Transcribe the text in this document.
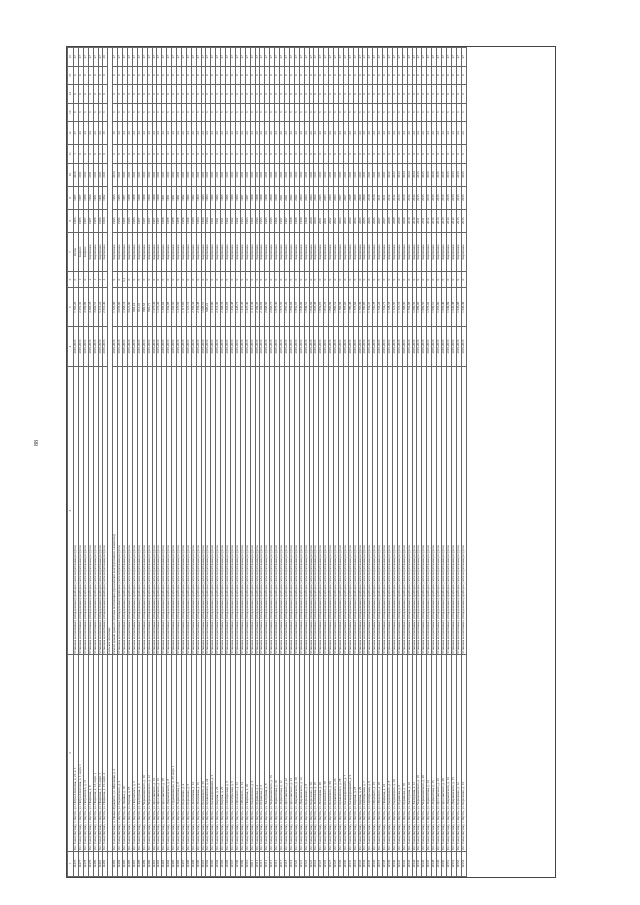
88
1	2	3	4	5	6	7	8	9	10	11	12	13	14	15	16
14476	Рес. Саха (Якутия), г. Якутск, ул. Петра Алексеева, д. 21, к. 1	Установка коллективных (общедомовых) приборов учета потребления ресурсов	2016-2016	1 705,26	0	Бетон	1985	1987	2016	1	27	0	0	0	27
14477	Рес. Саха (Якутия), г. Якутск, ул. Петра Алексеева, д. 1, корп. 1	Установка коллективных (общедомовых) приборов учета потребления ресурсов	2016-2016	2 251,10	1	Кирпич	1986	1987	2011	0	24	3	0	0	27
14478	Рес. Саха (Якутия), г. Якутск, ул. Петровского, д. 11	Установка коллективных (общедомовых) приборов учета потребления ресурсов	2016-2016	4 569,89	0	Кирпич	1987	1989	2011	0	24	3	0	0	27
14479	Рес. Саха (Якутия), г. Якутск, ул. Пояркова, д. 8	Установка коллективных (общедомовых) приборов учета потребления ресурсов	2016-2016	4 306,18	2	Кирпичное	1987	1990	2011	0	24	3	0	0	27
14480	Рес. Саха (Якутия), г. Якутск, ул. Пояркова, д. 13, корп. 1	Установка коллективных (общедомовых) приборов учета потребления ресурсов	2016-2016	3 904,51	1	Кирпичное	1988	1991	2011	0	24	3	0	0	27
14481	Рес. Саха (Якутия), г. Якутск, ул. Пояркова, д. 16, корп. 1	Установка коллективных (общедомовых) приборов учета потребления ресурсов	2016-2016	5 213,22	2	Кирпичное	1990	1991	2011	0	24	3	0	0	27
14482	Рес. Саха (Якутия), г. Якутск, ул. Пояркова, д. 16, корп. 4	Установка коллективных (общедомовых) приборов учета потребления ресурсов	2016-2016	2 561,40	2	Кирпичное	1990	1992	2011	0	16	3	0	0	20
		Сельское поселение													
14483	Рес. Саха (Якутия), п. Нижне-Куранахск, ул. Школьная, д. 2	Ремонт крыши (ремонт системы вентиляции (при наличии конструктивных элементов))	2016-2016	1 725,09	0	Кирпичное	1995	1996	2013	0	16	3	0	0	27
14484	Рес. Саха (Якутия), г. Якутск, ул. Рыдзинского, д. 2	Установка коллективных (общедомовых) приборов учета потребления ресурсов	2016-2016	3 055,00	0	Кирпичное	1984	1985	2011	0	24	3	0	0	27
14485	Рес. Саха (Якутия), г. Якутск, пр. Ленина, д. 10	Установка коллективных (общедомовых) приборов учета потребления ресурсов	2016-2016	2 458,74	0,1	Кирпичное	1985	1987	2011	0	24	3	0	0	27
14486	Рес. Саха (Якутия), г. Якутск, ул. Кирова, д. 18	Установка коллективных (общедомовых) приборов учета потребления ресурсов	2016-2016	3 021,90	0	Кирпичное	1986	1988	2011	0	24	3	0	0	27
14487	Рес. Саха (Якутия), г. Якутск, ул. Петровского, д. 3	Установка коллективных (общедомовых) приборов учета потребления ресурсов	2016-2016	893,24	0	Кирпичное	1986	1988	2011	0	24	3	0	0	27
14488	Рес. Саха (Якутия), г. Якутск, ул. Халтурина, д. 4	Установка коллективных (общедомовых) приборов учета потребления ресурсов	2016-2016	914,10	0	Кирпичное	1987	1989	2011	0	24	3	0	0	27
14489	Рес. Саха (Якутия), г. Якутск, ул. Чернышевского, д. 10	Установка коллективных (общедомовых) приборов учета потребления ресурсов	2016-2016	896,53	0	Кирпичное	1987	1989	2011	0	24	3	0	0	27
14490	Рес. Саха (Якутия), г. Якутск, ул. Чернышевского, д. 12	Установка коллективных (общедомовых) приборов учета потребления ресурсов	2016-2016	892,71	0	Кирпичное	1987	1990	2011	0	24	3	0	0	27
14491	Рес. Саха (Якутия), г. Якутск, ул. Ярославского, д. 14	Установка коллективных (общедомовых) приборов учета потребления ресурсов	2016-2016	1 277,43	0	Кирпичное	1987	1990	2011	0	24	3	0	0	27
14492	Рес. Саха (Якутия), г. Якутск, ул. Ярославского, д. 16	Установка коллективных (общедомовых) приборов учета потребления ресурсов	2016-2016	1 272,43	0	Кирпичное	1987	1990	2011	0	24	3	0	0	27
14493	Рес. Саха (Якутия), г. Якутск, ул. Ярославского, д. 18	Установка коллективных (общедомовых) приборов учета потребления ресурсов	2016-2016	1 366,02	0	Кирпичное	1988	1991	2011	0	24	3	0	0	27
14494	Рес. Саха (Якутия), г. Якутск, ул. Дзержинского, д. 8	Установка коллективных (общедомовых) приборов учета потребления ресурсов	2016-2016	1 364,88	0	Кирпичное	1988	1991	2011	0	24	3	0	0	27
14495	Рес. Саха (Якутия), г. Якутск, ул. Орджоникидзе, д. 37, корп. 1	Установка коллективных (общедомовых) приборов учета потребления ресурсов	2016-2016	1 262,53	0	Кирпичное	1988	1991	2011	0	24	3	0	0	27
14496	Рес. Саха (Якутия), г. Якутск, ул. Лермонтова, д. 8	Установка коллективных (общедомовых) приборов учета потребления ресурсов	2016-2016	1 273,66	0	Кирпичное	1988	1991	2011	0	24	3	0	0	27
14497	Рес. Саха (Якутия), г. Якутск, ул. Короленко, д. 4	Установка коллективных (общедомовых) приборов учета потребления ресурсов	2016-2016	1 117,93	0	Кирпичное	1989	1992	2011	0	24	3	0	0	27
14498	Рес. Саха (Якутия), г. Якутск, ул. Короленко, д. 6	Установка коллективных (общедомовых) приборов учета потребления ресурсов	2016-2016	1 121,57	0	Кирпичное	1989	1992	2011	0	24	3	0	0	27
14499	Рес. Саха (Якутия), г. Якутск, ул. Лонгинова, д. 14	Установка коллективных (общедомовых) приборов учета потребления ресурсов	2016-2016	2 356,34	0	Кирпичное	1989	1992	2011	0	24	3	0	0	27
14500	Рес. Саха (Якутия), г. Якутск, ул. Лонгинова, д. 16	Установка коллективных (общедомовых) приборов учета потребления ресурсов	2016-2016	2 354,48	0	Кирпичное	1990	1993	2011	0	24	3	0	0	27
14501	Рес. Саха (Якутия), г. Якутск, ул. Белинского, д. 56	Установка коллективных (общедомовых) приборов учета потребления ресурсов	2016-2016	1 008,51	0	Кирпичное	1990	1993	2011	0	24	3	0	0	27
14502	Рес. Саха (Якутия), г. Якутск, ул. Кулаковского, д. 24	Установка коллективных (общедомовых) приборов учета потребления ресурсов	2016-2016	998,23	0	Кирпичное	1990	1993	2011	0	24	3	0	0	27
14503	Рес. Саха (Якутия), г. Якутск, ул. Каландаришвили, д. 5	Установка коллективных (общедомовых) приборов учета потребления ресурсов	2016-2016	2 316,80	0	Кирпичное	1991	1994	2011	0	24	3	0	0	27
14504	Рес. Саха (Якутия), г. Якутск, ул. Кирова, д. 23	Установка коллективных (общедомовых) приборов учета потребления ресурсов	2016-2016	2 312,45	0	Кирпичное	1991	1994	2011	0	24	3	0	0	27
14505	Рес. Саха (Якутия), г. Якутск, ул. Кирова, д. 25	Установка коллективных (общедомовых) приборов учета потребления ресурсов	2016-2016	2 308,19	0	Кирпичное	1991	1995	2011	0	24	3	0	0	27
14506	Рес. Саха (Якутия), г. Якутск, ул. Октябрьская, д. 3	Установка коллективных (общедомовых) приборов учета потребления ресурсов	2016-2016	1 463,05	0	Кирпичное	1992	1995	2011	0	24	3	0	0	27
14507	Рес. Саха (Якутия), г. Якутск, ул. Октябрьская, д. 5	Установка коллективных (общедомовых) приборов учета потребления ресурсов	2016-2016	1 452,48	0	Кирпичное	1992	1996	2011	0	24	3	0	0	27
14508	Рес. Саха (Якутия), г. Якутск, ул. Ойунского, д. 12	Установка коллективных (общедомовых) приборов учета потребления ресурсов	2016-2016	1 428,71	0	Кирпичное	1992	1996	2011	0	24	3	0	0	27
14509	Рес. Саха (Якутия), г. Якутск, ул. Ойунского, д. 14	Установка коллективных (общедомовых) приборов учета потребления ресурсов	2016-2016	1 431,35	0	Кирпичное	1993	1997	2011	0	24	3	0	0	27
14510	Рес. Саха (Якутия), г. Якутск, ул. Пояркова, д. 20	Установка коллективных (общедомовых) приборов учета потребления ресурсов	2016-2016	1 427,40	0	Кирпичное	1993	1997	2011	0	24	3	0	0	27
14511	Рес. Саха (Якутия), г. Якутск, ул. Рыдзинского, д. 6	Установка коллективных (общедомовых) приборов учета потребления ресурсов	2016-2016	2 112,39	0	Кирпичное	1994	1998	2011	0	24	3	0	0	27
14512	Рес. Саха (Якутия), г. Якутск, ул. Курашова, д. 4	Установка коллективных (общедомовых) приборов учета потребления ресурсов	2016-2016	2 109,47	0	Кирпичное	1994	1998	2011	0	24	3	0	0	27
14513	Рес. Саха (Якутия), г. Якутск, ул. Курашова, д. 6	Установка коллективных (общедомовых) приборов учета потребления ресурсов	2016-2016	2 104,82	0	Кирпичное	1995	1999	2011	0	24	3	0	0	27
14514	Рес. Саха (Якутия), г. Якутск, ул. Халтурина, д. 8	Установка коллективных (общедомовых) приборов учета потребления ресурсов	2016-2016	2 098,60	0	Кирпичное	1995	1999	2011	0	24	3	0	0	27
14515	Рес. Саха (Якутия), г. Якутск, ул. Чернышевского, д. 16	Установка коллективных (общедомовых) приборов учета потребления ресурсов	2016-2016	2 092,71	0	Кирпичное	1996	2000	2011	0	24	3	0	0	27
14516	Рес. Саха (Якутия), г. Якутск, ул. Лермонтова, д. 10	Установка коллективных (общедомовых) приборов учета потребления ресурсов	2016-2016	1 876,30	0	Кирпичное	1996	2000	2011	0	24	3	0	0	27
14517	Рес. Саха (Якутия), г. Якутск, ул. Лермонтова, д. 12	Установка коллективных (общедомовых) приборов учета потребления ресурсов	2016-2016	1 871,55	0	Кирпичное	1997	2001	2011	0	24	3	0	0	27
14518	Рес. Саха (Якутия), г. Якутск, ул. Ярославского, д. 22	Установка коллективных (общедомовых) приборов учета потребления ресурсов	2016-2016	1 865,20	0	Кирпичное	1997	2001	2011	0	24	3	0	0	27
14519	Рес. Саха (Якутия), г. Якутск, ул. Ярославского, д. 24	Установка коллективных (общедомовых) приборов учета потребления ресурсов	2016-2016	1 859,84	0	Кирпичное	1998	2002	2011	0	24	3	0	0	27
14520	Рес. Саха (Якутия), г. Якутск, ул. Дзержинского, д. 10	Установка коллективных (общедомовых) приборов учета потребления ресурсов	2016-2016	1 852,67	0	Кирпичное	1998	2002	2011	0	24	3	0	0	27
14521	Рес. Саха (Якутия), г. Якутск, ул. Дзержинского, д. 12	Установка коллективных (общедомовых) приборов учета потребления ресурсов	2016-2016	1 846,09	0	Кирпичное	1999	2003	2011	0	24	3	0	0	27
14522	Рес. Саха (Якутия), г. Якутск, ул. Короленко, д. 8	Установка коллективных (общедомовых) приборов учета потребления ресурсов	2016-2016	1 839,51	0	Кирпичное	1999	2003	2011	0	24	3	0	0	27
14523	Рес. Саха (Якутия), г. Якутск, ул. Короленко, д. 10	Установка коллективных (общедомовых) приборов учета потребления ресурсов	2016-2016	1 832,94	0	Кирпичное	2000	2004	2011	0	24	3	0	0	27
14524	Рес. Саха (Якутия), г. Якутск, ул. Лонгинова, д. 18	Установка коллективных (общедомовых) приборов учета потребления ресурсов	2016-2016	1 826,38	0	Кирпичное	2000	2004	2011	0	24	3	0	0	27
14525	Рес. Саха (Якутия), г. Якутск, ул. Лонгинова, д. 20	Установка коллективных (общедомовых) приборов учета потребления ресурсов	2016-2016	1 819,81	0	Кирпичное	2001	2005	2011	0	24	3	0	0	27
14526	Рес. Саха (Якутия), г. Якутск, ул. Белинского, д. 58	Установка коллективных (общедомовых) приборов учета потребления ресурсов	2016-2016	1 813,25	0	Кирпичное	2001	2005	2011	0	24	3	0	0	27
14527	Рес. Саха (Якутия), г. Якутск, ул. Белинского, д. 60	Установка коллективных (общедомовых) приборов учета потребления ресурсов	2016-2016	1 806,69	0	Кирпичное	2002	2006	2011	0	24	3	0	0	27
14528	Рес. Саха (Якутия), г. Якутск, ул. Кулаковского, д. 26	Установка коллективных (общедомовых) приборов учета потребления ресурсов	2016-2016	1 800,14	0	Кирпичное	2002	2006	2011	0	24	3	0	0	27
14529	Рес. Саха (Якутия), г. Якутск, ул. Кулаковского, д. 28	Установка коллективных (общедомовых) приборов учета потребления ресурсов	2016-2016	1 793,58	0	Кирпичное	2003	2007	2011	0	24	3	0	0	27
14530	Рес. Саха (Якутия), г. Якутск, ул. Каландаришвили, д. 7	Установка коллективных (общедомовых) приборов учета потребления ресурсов	2016-2016	1 787,03	0	Кирпичное	2003	2007	2011	0	24	3	0	0	27
14531	Рес. Саха (Якутия), г. Якутск, ул. Каландаришвили, д. 9	Установка коллективных (общедомовых) приборов учета потребления ресурсов	2016-2016	1 780,48	0	Кирпичное	2004	2008	2011	0	24	3	0	0	27
14532	Рес. Саха (Якутия), г. Якутск, ул. Кирова, д. 27	Установка коллективных (общедомовых) приборов учета потребления ресурсов	2016-2016	1 773,94	0	Кирпичное	2004	2008	2011	0	24	3	0	0	27
14533	Рес. Саха (Якутия), г. Якутск, ул. Кирова, д. 29	Установка коллективных (общедомовых) приборов учета потребления ресурсов	2016-2016	1 767,39	0	Кирпичное	2005	2009	2011	0	24	3	0	0	27
14534	Рес. Саха (Якутия), г. Якутск, ул. Октябрьская, д. 7	Установка коллективных (общедомовых) приборов учета потребления ресурсов	2016-2016	1 760,85	0	Кирпичное	2005	2009	2011	0	24	3	0	0	27
14535	Рес. Саха (Якутия), г. Якутск, ул. Октябрьская, д. 9	Установка коллективных (общедомовых) приборов учета потребления ресурсов	2016-2016	1 754,31	0	Кирпичное	2006	2010	2011	0	24	3	0	0	27
14536	Рес. Саха (Якутия), г. Якутск, ул. Ойунского, д. 16	Установка коллективных (общедомовых) приборов учета потребления ресурсов	2016-2016	1 747,78	0	Кирпичное	2006	2010	2011	0	24	3	0	0	27
14537	Рес. Саха (Якутия), г. Якутск, ул. Ойунского, д. 18	Установка коллективных (общедомовых) приборов учета потребления ресурсов	2016-2016	1 741,24	0	Кирпичное	2007	2011	2011	0	24	3	0	0	27
14538	Рес. Саха (Якутия), г. Якутск, ул. Пояркова, д. 22	Установка коллективных (общедомовых) приборов учета потребления ресурсов	2016-2016	1 734,71	0	Кирпичное	2007	2011	2011	0	24	3	0	0	27
14539	Рес. Саха (Якутия), г. Якутск, ул. Рыдзинского, д. 8	Установка коллективных (общедомовых) приборов учета потребления ресурсов	2016-2016	1 728,18	0	Кирпичное	2008	2012	2012	0	24	3	0	0	27
14540	Рес. Саха (Якутия), г. Якутск, ул. Рыдзинского, д. 10	Установка коллективных (общедомовых) приборов учета потребления ресурсов	2016-2016	1 721,65	0	Кирпичное	2008	2012	2012	0	24	3	0	0	27
14541	Рес. Саха (Якутия), г. Якутск, ул. Курашова, д. 8	Установка коллективных (общедомовых) приборов учета потребления ресурсов	2016-2016	1 715,13	0	Кирпичное	2009	2013	2013	0	24	3	0	0	27
14542	Рес. Саха (Якутия), г. Якутск, ул. Курашова, д. 10	Установка коллективных (общедомовых) приборов учета потребления ресурсов	2016-2016	1 708,60	0	Кирпичное	2009	2013	2013	0	24	3	0	0	27
14543	Рес. Саха (Якутия), г. Якутск, ул. Халтурина, д. 10	Установка коллективных (общедомовых) приборов учета потребления ресурсов	2016-2016	1 702,08	0	Кирпичное	2010	2014	2014	0	24	3	0	0	27
14544	Рес. Саха (Якутия), г. Якутск, ул. Халтурина, д. 12	Установка коллективных (общедомовых) приборов учета потребления ресурсов	2016-2016	1 695,56	0	Кирпичное	2010	2014	2014	0	24	3	0	0	27
14545	Рес. Саха (Якутия), г. Якутск, ул. Чернышевского, д. 18	Установка коллективных (общедомовых) приборов учета потребления ресурсов	2016-2016	1 689,05	0	Кирпичное	2011	2015	2015	0	24	3	0	0	27
14546	Рес. Саха (Якутия), г. Якутск, ул. Чернышевского, д. 20	Установка коллективных (общедомовых) приборов учета потребления ресурсов	2016-2016	1 682,53	0	Кирпичное	2011	2015	2015	0	24	3	0	0	27
14547	Рес. Саха (Якутия), г. Якутск, ул. Лермонтова, д. 14	Установка коллективных (общедомовых) приборов учета потребления ресурсов	2016-2016	1 676,02	0	Кирпичное	2012	2016	2016	0	24	3	0	0	27
14548	Рес. Саха (Якутия), г. Якутск, ул. Лермонтова, д. 16	Установка коллективных (общедомовых) приборов учета потребления ресурсов	2016-2016	1 669,51	0	Кирпичное	2012	2016	2016	0	24	3	0	0	27
14549	Рес. Саха (Якутия), г. Якутск, ул. Ярославского, д. 26	Установка коллективных (общедомовых) приборов учета потребления ресурсов	2016-2016	1 663,00	0	Кирпичное	2013	2016	2016	0	24	3	0	0	27
14550	Рес. Саха (Якутия), г. Якутск, ул. Ярославского, д. 28	Установка коллективных (общедомовых) приборов учета потребления ресурсов	2016-2016	1 656,49	0	Кирпичное	2013	2016	2016	0	24	3	0	0	27
14551	Рес. Саха (Якутия), г. Якутск, ул. Дзержинского, д. 14	Установка коллективных (общедомовых) приборов учета потребления ресурсов	2016-2016	1 649,99	0	Кирпичное	2014	2016	2016	0	24	3	0	0	27
14552	Рес. Саха (Якутия), г. Якутск, ул. Дзержинского, д. 16	Установка коллективных (общедомовых) приборов учета потребления ресурсов	2016-2016	1 643,48	0	Кирпичное	2014	2016	2016	0	24	3	0	0	27
14553	Рес. Саха (Якутия), г. Якутск, ул. Короленко, д. 12	Установка коллективных (общедомовых) приборов учета потребления ресурсов	2016-2016	1 636,98	0	Кирпичное	2015	2016	2016	0	24	3	0	0	27
14554	Рес. Саха (Якутия), г. Якутск, ул. Короленко, д. 14	Установка коллективных (общедомовых) приборов учета потребления ресурсов	2016-2016	1 630,49	0	Кирпичное	2015	2016	2016	0	24	3	0	0	27
